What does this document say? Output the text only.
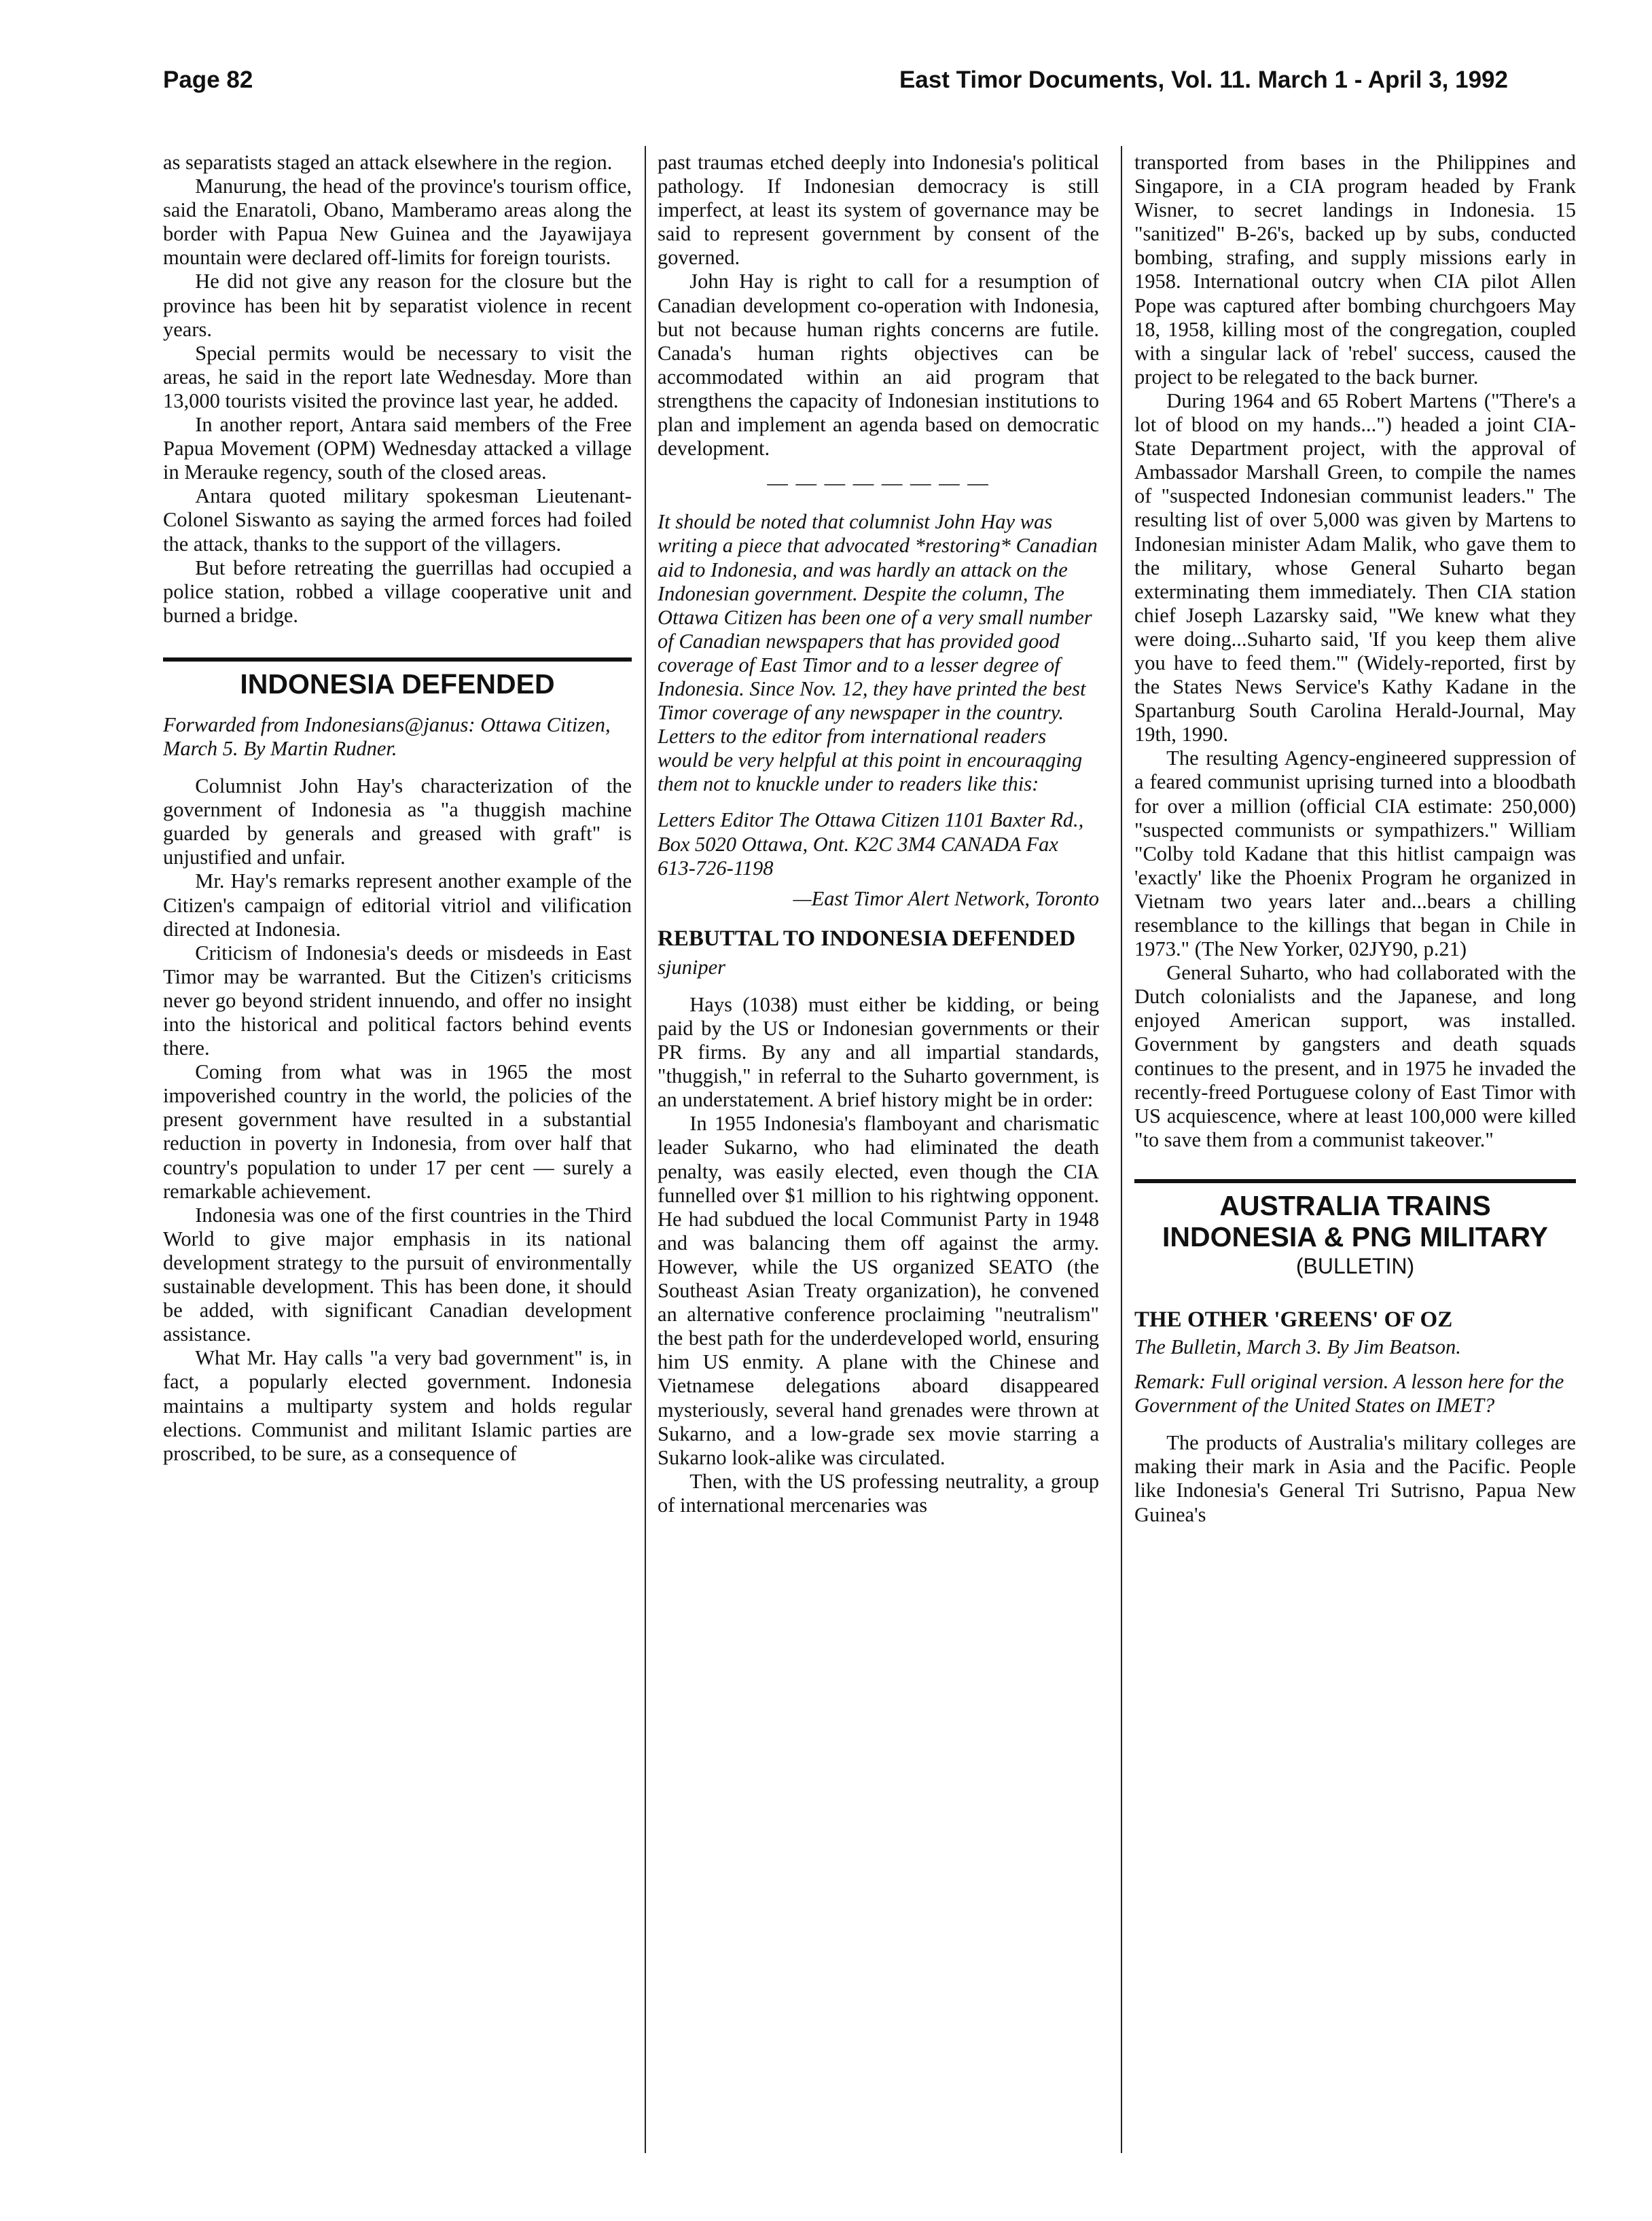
Page 82	East Timor Documents, Vol. 11. March 1 - April 3, 1992

as separatists staged an attack elsewhere in the region.

Manurung, the head of the province's tourism office, said the Enaratoli, Obano, Mamberamo areas along the border with Papua New Guinea and the Jayawijaya mountain were declared off-limits for foreign tourists.

He did not give any reason for the closure but the province has been hit by separatist violence in recent years.

Special permits would be necessary to visit the areas, he said in the report late Wednesday. More than 13,000 tourists visited the province last year, he added.

In another report, Antara said members of the Free Papua Movement (OPM) Wednesday attacked a village in Merauke regency, south of the closed areas.

Antara quoted military spokesman Lieutenant-Colonel Siswanto as saying the armed forces had foiled the attack, thanks to the support of the villagers.

But before retreating the guerrillas had occupied a police station, robbed a village cooperative unit and burned a bridge.

INDONESIA DEFENDED

Forwarded from Indonesians@janus: Ottawa Citizen, March 5. By Martin Rudner.

Columnist John Hay's characterization of the government of Indonesia as "a thuggish machine guarded by generals and greased with graft" is unjustified and unfair.

Mr. Hay's remarks represent another example of the Citizen's campaign of editorial vitriol and vilification directed at Indonesia.

Criticism of Indonesia's deeds or misdeeds in East Timor may be warranted. But the Citizen's criticisms never go beyond strident innuendo, and offer no insight into the historical and political factors behind events there.

Coming from what was in 1965 the most impoverished country in the world, the policies of the present government have resulted in a substantial reduction in poverty in Indonesia, from over half that country's population to under 17 per cent — surely a remarkable achievement.

Indonesia was one of the first countries in the Third World to give major emphasis in its national development strategy to the pursuit of environmentally sustainable development. This has been done, it should be added, with significant Canadian development assistance.

What Mr. Hay calls "a very bad government" is, in fact, a popularly elected government. Indonesia maintains a multiparty system and holds regular elections. Communist and militant Islamic parties are proscribed, to be sure, as a consequence of

past traumas etched deeply into Indonesia's political pathology. If Indonesian democracy is still imperfect, at least its system of governance may be said to represent government by consent of the governed.

John Hay is right to call for a resumption of Canadian development co-operation with Indonesia, but not because human rights concerns are futile. Canada's human rights objectives can be accommodated within an aid program that strengthens the capacity of Indonesian institutions to plan and implement an agenda based on democratic development.

— — — — — — — —

It should be noted that columnist John Hay was writing a piece that advocated *restoring* Canadian aid to Indonesia, and was hardly an attack on the Indonesian government. Despite the column, The Ottawa Citizen has been one of a very small number of Canadian newspapers that has provided good coverage of East Timor and to a lesser degree of Indonesia. Since Nov. 12, they have printed the best Timor coverage of any newspaper in the country. Letters to the editor from international readers would be very helpful at this point in encouraqging them not to knuckle under to readers like this:

Letters Editor The Ottawa Citizen 1101 Baxter Rd., Box 5020 Ottawa, Ont. K2C 3M4 CANADA Fax 613-726-1198

—East Timor Alert Network, Toronto

REBUTTAL TO INDONESIA DEFENDED

sjuniper

Hays (1038) must either be kidding, or being paid by the US or Indonesian governments or their PR firms. By any and all impartial standards, "thuggish," in referral to the Suharto government, is an understatement. A brief history might be in order:

In 1955 Indonesia's flamboyant and charismatic leader Sukarno, who had eliminated the death penalty, was easily elected, even though the CIA funnelled over $1 million to his rightwing opponent. He had subdued the local Communist Party in 1948 and was balancing them off against the army. However, while the US organized SEATO (the Southeast Asian Treaty organization), he convened an alternative conference proclaiming "neutralism" the best path for the underdeveloped world, ensuring him US enmity. A plane with the Chinese and Vietnamese delegations aboard disappeared mysteriously, several hand grenades were thrown at Sukarno, and a low-grade sex movie starring a Sukarno look-alike was circulated.

Then, with the US professing neutrality, a group of international mercenaries was

transported from bases in the Philippines and Singapore, in a CIA program headed by Frank Wisner, to secret landings in Indonesia. 15 "sanitized" B-26's, backed up by subs, conducted bombing, strafing, and supply missions early in 1958. International outcry when CIA pilot Allen Pope was captured after bombing churchgoers May 18, 1958, killing most of the congregation, coupled with a singular lack of 'rebel' success, caused the project to be relegated to the back burner.

During 1964 and 65 Robert Martens ("There's a lot of blood on my hands...") headed a joint CIA-State Department project, with the approval of Ambassador Marshall Green, to compile the names of "suspected Indonesian communist leaders." The resulting list of over 5,000 was given by Martens to Indonesian minister Adam Malik, who gave them to the military, whose General Suharto began exterminating them immediately. Then CIA station chief Joseph Lazarsky said, "We knew what they were doing...Suharto said, 'If you keep them alive you have to feed them.'" (Widely-reported, first by the States News Service's Kathy Kadane in the Spartanburg South Carolina Herald-Journal, May 19th, 1990.

The resulting Agency-engineered suppression of a feared communist uprising turned into a bloodbath for over a million (official CIA estimate: 250,000) "suspected communists or sympathizers." William "Colby told Kadane that this hitlist campaign was 'exactly' like the Phoenix Program he organized in Vietnam two years later and...bears a chilling resemblance to the killings that began in Chile in 1973." (The New Yorker, 02JY90, p.21)

General Suharto, who had collaborated with the Dutch colonialists and the Japanese, and long enjoyed American support, was installed. Government by gangsters and death squads continues to the present, and in 1975 he invaded the recently-freed Portuguese colony of East Timor with US acquiescence, where at least 100,000 were killed "to save them from a communist takeover."

AUSTRALIA TRAINS
INDONESIA & PNG MILITARY
(BULLETIN)

THE OTHER 'GREENS' OF OZ

The Bulletin, March 3. By Jim Beatson.

Remark: Full original version. A lesson here for the Government of the United States on IMET?

The products of Australia's military colleges are making their mark in Asia and the Pacific. People like Indonesia's General Tri Sutrisno, Papua New Guinea's
